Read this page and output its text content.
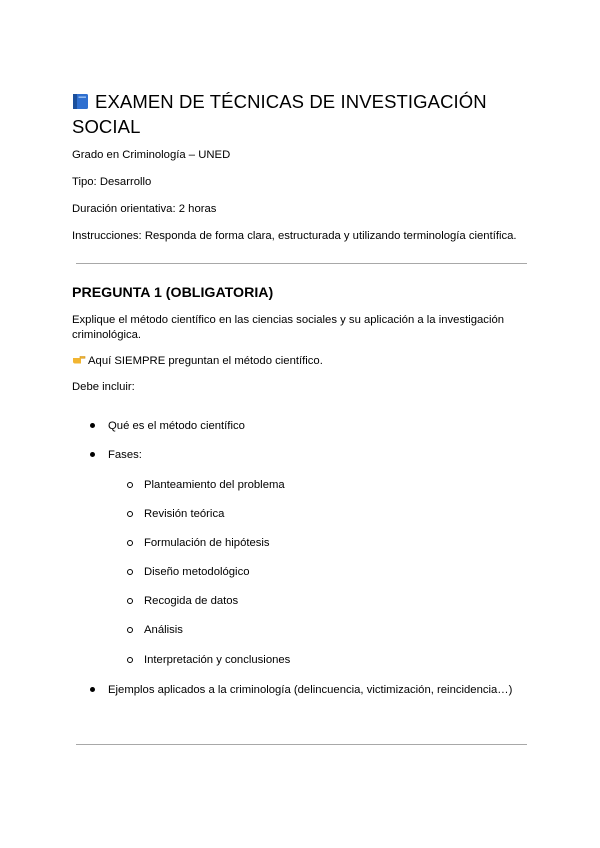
EXAMEN DE TÉCNICAS DE INVESTIGACIÓN
SOCIAL
Grado en Criminología – UNED
Tipo: Desarrollo
Duración orientativa: 2 horas
Instrucciones: Responda de forma clara, estructurada y utilizando terminología científica.
PREGUNTA 1 (OBLIGATORIA)
Explique el método científico en las ciencias sociales y su aplicación a la investigación
criminológica.
Aquí SIEMPRE preguntan el método científico.
Debe incluir:
Qué es el método científico
Fases:
Planteamiento del problema
Revisión teórica
Formulación de hipótesis
Diseño metodológico
Recogida de datos
Análisis
Interpretación y conclusiones
Ejemplos aplicados a la criminología (delincuencia, victimización, reincidencia…)
